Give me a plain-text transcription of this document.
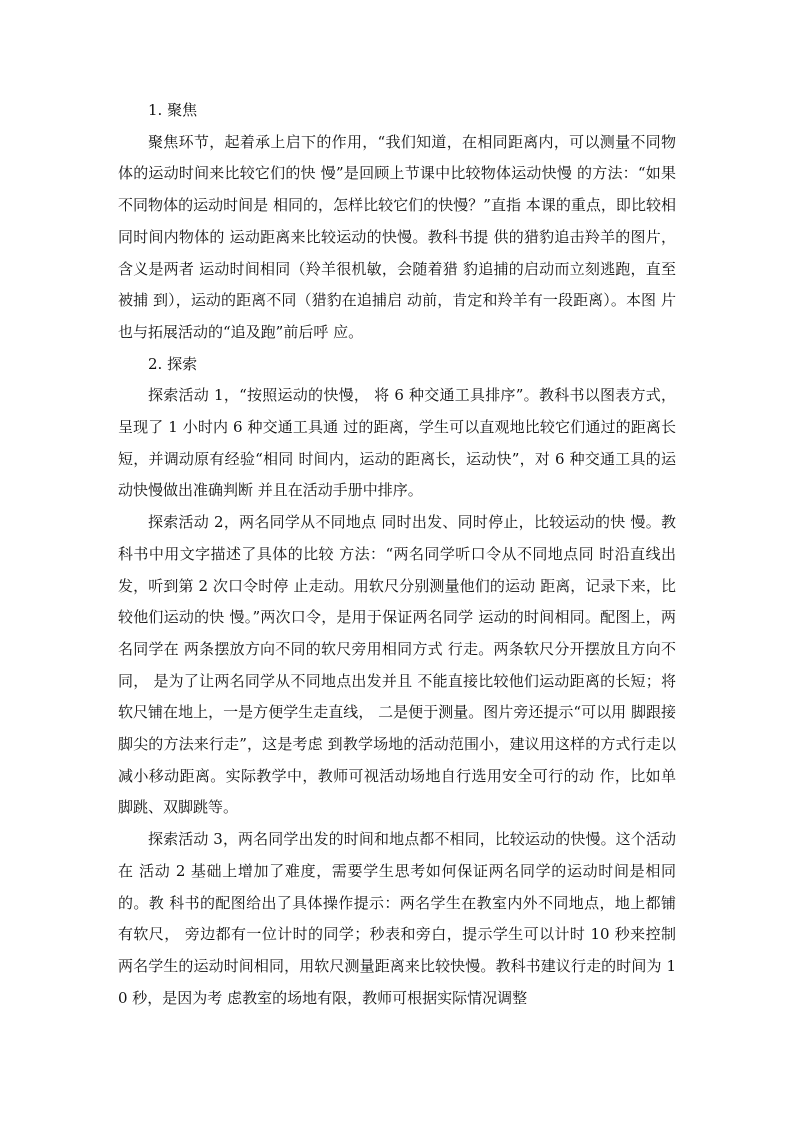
1. 聚焦

聚焦环节，起着承上启下的作用，“我们知道，在相同距离内，可以测量不同物体的运动时间来比较它们的快 慢”是回顾上节课中比较物体运动快慢 的方法：“如果不同物体的运动时间是 相同的，怎样比较它们的快慢？”直指 本课的重点，即比较相同时间内物体的 运动距离来比较运动的快慢。教科书提 供的猎豹追击羚羊的图片，含义是两者 运动时间相同（羚羊很机敏，会随着猎 豹追捕的启动而立刻逃跑，直至被捕 到），运动的距离不同（猎豹在追捕启 动前，肯定和羚羊有一段距离）。本图 片也与拓展活动的“追及跑”前后呼 应。

2. 探索

探索活动 1，“按照运动的快慢， 将 6 种交通工具排序”。教科书以图表方式，呈现了 1 小时内 6 种交通工具通 过的距离，学生可以直观地比较它们通过的距离长短，并调动原有经验“相同 时间内，运动的距离长，运动快”，对 6 种交通工具的运动快慢做出准确判断 并且在活动手册中排序。

探索活动 2，两名同学从不同地点 同时出发、同时停止，比较运动的快 慢。教科书中用文字描述了具体的比较 方法：“两名同学听口令从不同地点同 时沿直线出发，听到第 2 次口令时停 止走动。用软尺分别测量他们的运动 距离，记录下来，比较他们运动的快 慢。”两次口令，是用于保证两名同学 运动的时间相同。配图上，两名同学在 两条摆放方向不同的软尺旁用相同方式 行走。两条软尺分开摆放且方向不同， 是为了让两名同学从不同地点出发并且 不能直接比较他们运动距离的长短；将 软尺铺在地上，一是方便学生走直线， 二是便于测量。图片旁还提示“可以用 脚跟接脚尖的方法来行走”，这是考虑 到教学场地的活动范围小，建议用这样的方式行走以减小移动距离。实际教学中，教师可视活动场地自行选用安全可行的动 作，比如单脚跳、双脚跳等。

探索活动 3，两名同学出发的时间和地点都不相同，比较运动的快慢。这个活动在 活动 2 基础上增加了难度，需要学生思考如何保证两名同学的运动时间是相同的。教 科书的配图给出了具体操作提示：两名学生在教室内外不同地点，地上都铺有软尺， 旁边都有一位计时的同学；秒表和旁白，提示学生可以计时 10 秒来控制两名学生的运动时间相同，用软尺测量距离来比较快慢。教科书建议行走的时间为 10 秒，是因为考 虑教室的场地有限，教师可根据实际情况调整
